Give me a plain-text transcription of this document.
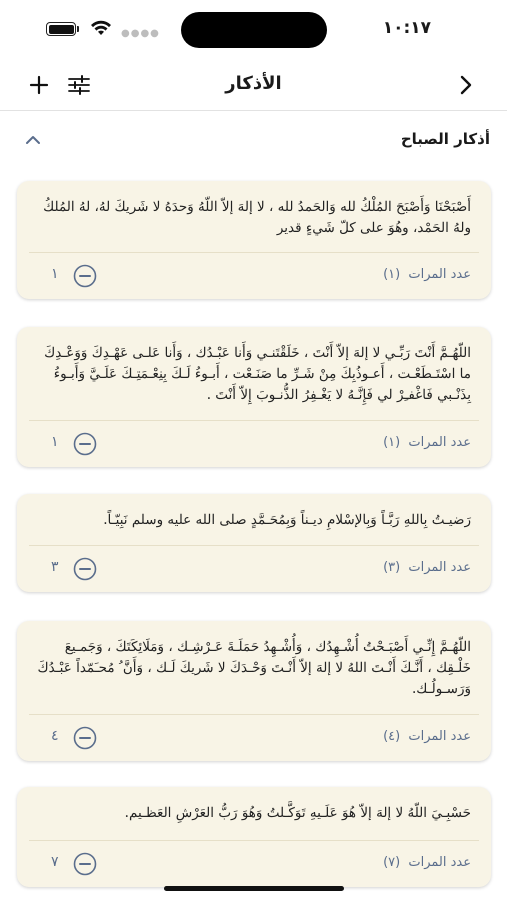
●●●●	١٠:١٧
الأذكار
أذكار الصباح
أَصْبَحْنَا وَأَصْبَحَ المُلْكُ لله وَالحَمدُ لله ، لا إلهَ إلاّ اللّهُ وَحدَهُ لا شَريكَ لهُ، لهُ المُلكُ ولهُ الحَمْد، وهُوَ على كلّ شَيءٍ قدير
عدد المرات (١)
١
اللّهُـمَّ أَنْتَ رَبِّـي لا إلهَ إلاّ أَنْتَ ، خَلَقْتَنـي وَأَنا عَبْـدُك ، وَأَنا عَلـى عَهْـدِكَ وَوَعْـدِكَ ما اسْتَـطَعْـت ، أَعـوذُبِكَ مِنْ شَـرِّ ما صَنَـعْت ، أَبـوءُ لَـكَ بِنِعْـمَتِـكَ عَلَـيَّ وَأَبـوءُ بِذَنْـبي فَاغْفـِرْ لي فَإِنَّـهُ لا يَغْـفِرُ الذُّنـوبَ إِلاّ أَنْتَ .
عدد المرات (١)
١
رَضيـتُ بِاللهِ رَبَّـاً وَبِالإسْلامِ ديـناً وَبِمُحَـمَّدٍ صلى الله عليه وسلم نَبِيّـاً.
عدد المرات (٣)
٣
اللّهُـمَّ إِنِّـي أَصْبَـحْتُ أُشْـهِدُك ، وَأُشْـهِدُ حَمَلَـةَ عَـرْشِـك ، وَمَلَائِكَتَكَ ، وَجَمـيعَ خَلْـقِك ، أَنَّـكَ أَنْـتَ اللهُ لا إلهَ إلاّ أَنْـتَ وَحْـدَكَ لا شَريكَ لَـك ، وَأَنَّ ُ مُحـَمّداً عَبْـدُكَ وَرَسـولُـك.
عدد المرات (٤)
٤
حَسْبِـيَ اللّهُ لا إلهَ إلاّ هُوَ عَلَـيهِ تَوَكَّـلتُ وَهُوَ رَبُّ العَرْشِ العَظـيم.
عدد المرات (٧)
٧
